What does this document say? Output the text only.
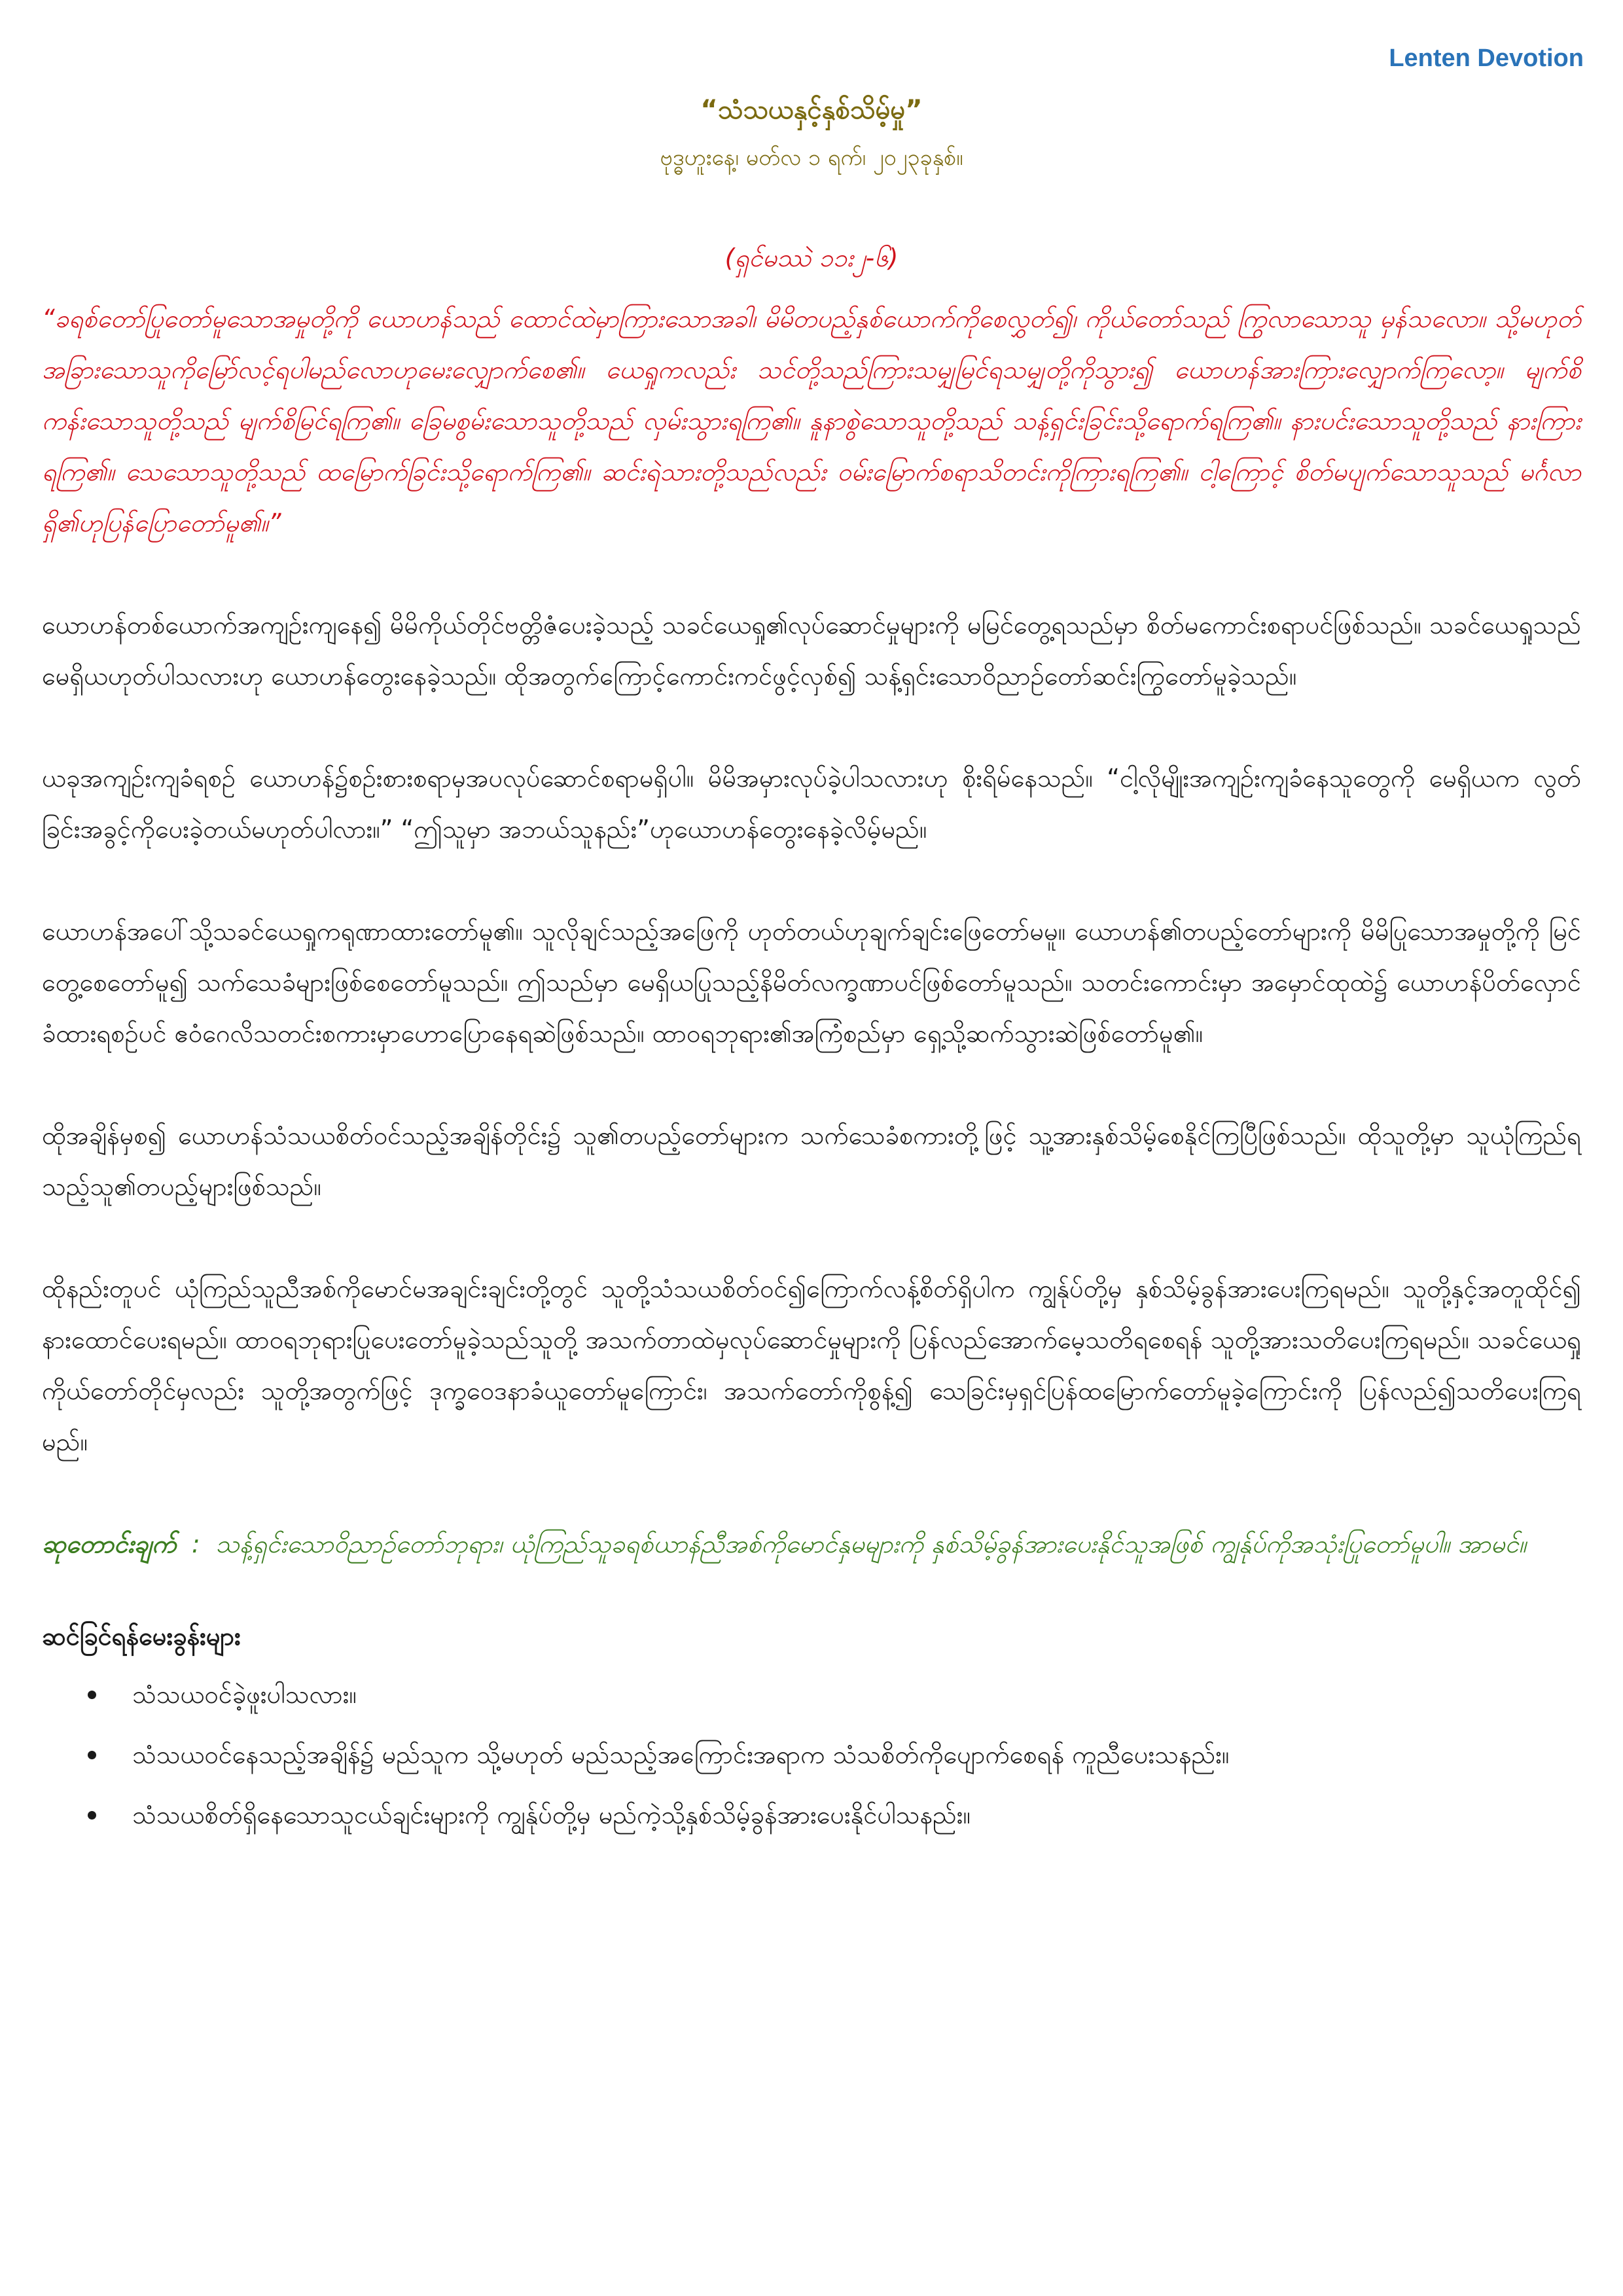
Lenten Devotion
“သံသယနှင့်နှစ်သိမ့်မှု”
ဗုဒ္ဓဟူးနေ့၊ မတ်လ ၁ ရက်၊ ၂၀၂၃ခုနှစ်။

(ရှင်မဿဲ ၁၁း၂-၆)

“ခရစ်တော်ပြုတော်မူသောအမှုတို့ကို ယောဟန်သည် ထောင်ထဲမှာကြားသောအခါ၊ မိမိတပည့်နှစ်ယောက်ကိုစေလွှတ်၍၊ ကိုယ်တော်သည် ကြွလာသောသူ မှန်သလော။ သို့မဟုတ် အခြားသောသူကိုမြော်လင့်ရပါမည်လောဟုမေးလျှောက်စေ၏။ ယေရှုကလည်း သင်တို့သည်ကြားသမျှမြင်ရသမျှတို့ကိုသွား၍ ယောဟန်အားကြားလျှောက်ကြလော့။ မျက်စိကန်းသောသူတို့သည် မျက်စိမြင်ရကြ၏။ ခြေမစွမ်းသောသူတို့သည် လှမ်းသွားရကြ၏။ နူနာစွဲသောသူတို့သည် သန့်ရှင်းခြင်းသို့ရောက်ရကြ၏။ နားပင်းသောသူတို့သည် နားကြားရကြ၏။ သေသောသူတို့သည် ထမြောက်ခြင်းသို့ရောက်ကြ၏။ ဆင်းရဲသားတို့သည်လည်း ဝမ်းမြောက်စရာသိတင်းကိုကြားရကြ၏။ ငါ့ကြောင့် စိတ်မပျက်သောသူသည် မင်္ဂလာရှိ၏ဟုပြန်ပြောတော်မူ၏။”

ယောဟန်တစ်ယောက်အကျဉ်းကျနေ၍ မိမိကိုယ်တိုင်ဗတ္တိဇံပေးခဲ့သည့် သခင်ယေရှု၏လုပ်ဆောင်မှုများကို မမြင်တွေ့ရသည်မှာ စိတ်မကောင်းစရာပင်ဖြစ်သည်။ သခင်ယေရှုသည် မေရှိယဟုတ်ပါသလားဟု ယောဟန်တွေးနေခဲ့သည်။ ထိုအတွက်ကြောင့်ကောင်းကင်ဖွင့်လှစ်၍ သန့်ရှင်းသောဝိညာဉ်တော်ဆင်းကြွတော်မူခဲ့သည်။

ယခုအကျဉ်းကျခံရစဉ် ယောဟန်၌စဉ်းစားစရာမှအပလုပ်ဆောင်စရာမရှိပါ။ မိမိအမှားလုပ်ခဲ့ပါသလားဟု စိုးရိမ်နေသည်။ “ငါ့လိုမျိုးအကျဉ်းကျခံနေသူတွေကို မေရှိယက လွတ်ခြင်းအခွင့်ကိုပေးခဲ့တယ်မဟုတ်ပါလား။” “ဤသူမှာ အဘယ်သူနည်း”ဟုယောဟန်တွေးနေခဲ့လိမ့်မည်။

ယောဟန်အပေါ်သို့သခင်ယေရှုကရုဏာထားတော်မူ၏။ သူလိုချင်သည့်အဖြေကို ဟုတ်တယ်ဟုချက်ချင်းဖြေတော်မမူ။ ယောဟန်၏တပည့်တော်များကို မိမိပြုသောအမှုတို့ကို မြင်တွေ့စေတော်မူ၍ သက်သေခံများဖြစ်စေတော်မူသည်။ ဤသည်မှာ မေရှိယပြုသည့်နိမိတ်လက္ခဏာပင်ဖြစ်တော်မူသည်။ သတင်းကောင်းမှာ အမှောင်ထုထဲ၌ ယောဟန်ပိတ်လှောင်ခံထားရစဉ်ပင် ဧဝံဂေလိသတင်းစကားမှာဟောပြောနေရဆဲဖြစ်သည်။ ထာဝရဘုရား၏အကြံစည်မှာ ရှေ့သို့ဆက်သွားဆဲဖြစ်တော်မူ၏။

ထိုအချိန်မှစ၍ ယောဟန်သံသယစိတ်ဝင်သည့်အချိန်တိုင်း၌ သူ၏တပည့်တော်များက သက်သေခံစကားတို့ဖြင့် သူ့အားနှစ်သိမ့်စေနိုင်ကြပြီဖြစ်သည်။ ထိုသူတို့မှာ သူယုံကြည်ရသည့်သူ၏တပည့်များဖြစ်သည်။

ထိုနည်းတူပင် ယုံကြည်သူညီအစ်ကိုမောင်မအချင်းချင်းတို့တွင် သူတို့သံသယစိတ်ဝင်၍ကြောက်လန့်စိတ်ရှိပါက ကျွန်ုပ်တို့မှ နှစ်သိမ့်ခွန်အားပေးကြရမည်။ သူတို့နှင့်အတူထိုင်၍ နားထောင်ပေးရမည်။ ထာဝရဘုရားပြုပေးတော်မူခဲ့သည်သူတို့ အသက်တာထဲမှလုပ်ဆောင်မှုများကို ပြန်လည်အောက်မေ့သတိရစေရန် သူတို့အားသတိပေးကြရမည်။ သခင်ယေရှုကိုယ်တော်တိုင်မှလည်း သူတို့အတွက်ဖြင့် ဒုက္ခဝေဒနာခံယူတော်မူကြောင်း၊ အသက်တော်ကိုစွန့်၍ သေခြင်းမှရှင်ပြန်ထမြောက်တော်မူခဲ့ကြောင်းကို ပြန်လည်၍သတိပေးကြရမည်။

ဆုတောင်းချက် : သန့်ရှင်းသောဝိညာဉ်တော်ဘုရား၊ ယုံကြည်သူခရစ်ယာန်ညီအစ်ကိုမောင်နှမများကို နှစ်သိမ့်ခွန်အားပေးနိုင်သူအဖြစ် ကျွန်ုပ်ကိုအသုံးပြုတော်မူပါ။ အာမင်။

ဆင်ခြင်ရန်မေးခွန်းများ
သံသယဝင်ခဲ့ဖူးပါသလား။
သံသယဝင်နေသည့်အချိန်၌ မည်သူက သို့မဟုတ် မည်သည့်အကြောင်းအရာက သံသစိတ်ကိုပျောက်စေရန် ကူညီပေးသနည်း။
သံသယစိတ်ရှိနေသောသူငယ်ချင်းများကို ကျွန်ုပ်တို့မှ မည်ကဲ့သို့နှစ်သိမ့်ခွန်အားပေးနိုင်ပါသနည်း။
